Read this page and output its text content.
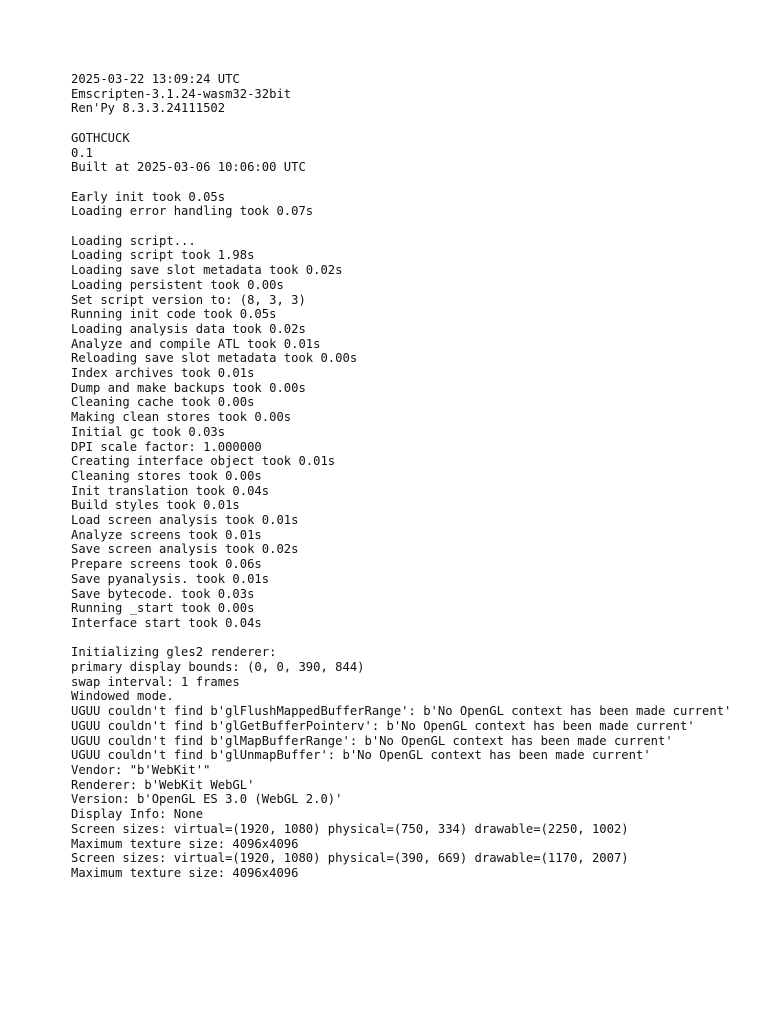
2025-03-22 13:09:24 UTC
Emscripten-3.1.24-wasm32-32bit
Ren'Py 8.3.3.24111502
GOTHCUCK
0.1
Built at 2025-03-06 10:06:00 UTC
Early init took 0.05s
Loading error handling took 0.07s
Loading script...
Loading script took 1.98s
Loading save slot metadata took 0.02s
Loading persistent took 0.00s
Set script version to: (8, 3, 3)
Running init code took 0.05s
Loading analysis data took 0.02s
Analyze and compile ATL took 0.01s
Reloading save slot metadata took 0.00s
Index archives took 0.01s
Dump and make backups took 0.00s
Cleaning cache took 0.00s
Making clean stores took 0.00s
Initial gc took 0.03s
DPI scale factor: 1.000000
Creating interface object took 0.01s
Cleaning stores took 0.00s
Init translation took 0.04s
Build styles took 0.01s
Load screen analysis took 0.01s
Analyze screens took 0.01s
Save screen analysis took 0.02s
Prepare screens took 0.06s
Save pyanalysis. took 0.01s
Save bytecode. took 0.03s
Running _start took 0.00s
Interface start took 0.04s
Initializing gles2 renderer:
primary display bounds: (0, 0, 390, 844)
swap interval: 1 frames
Windowed mode.
UGUU couldn't find b'glFlushMappedBufferRange': b'No OpenGL context has been made current'
UGUU couldn't find b'glGetBufferPointerv': b'No OpenGL context has been made current'
UGUU couldn't find b'glMapBufferRange': b'No OpenGL context has been made current'
UGUU couldn't find b'glUnmapBuffer': b'No OpenGL context has been made current'
Vendor: "b'WebKit'"
Renderer: b'WebKit WebGL'
Version: b'OpenGL ES 3.0 (WebGL 2.0)'
Display Info: None
Screen sizes: virtual=(1920, 1080) physical=(750, 334) drawable=(2250, 1002)
Maximum texture size: 4096x4096
Screen sizes: virtual=(1920, 1080) physical=(390, 669) drawable=(1170, 2007)
Maximum texture size: 4096x4096
